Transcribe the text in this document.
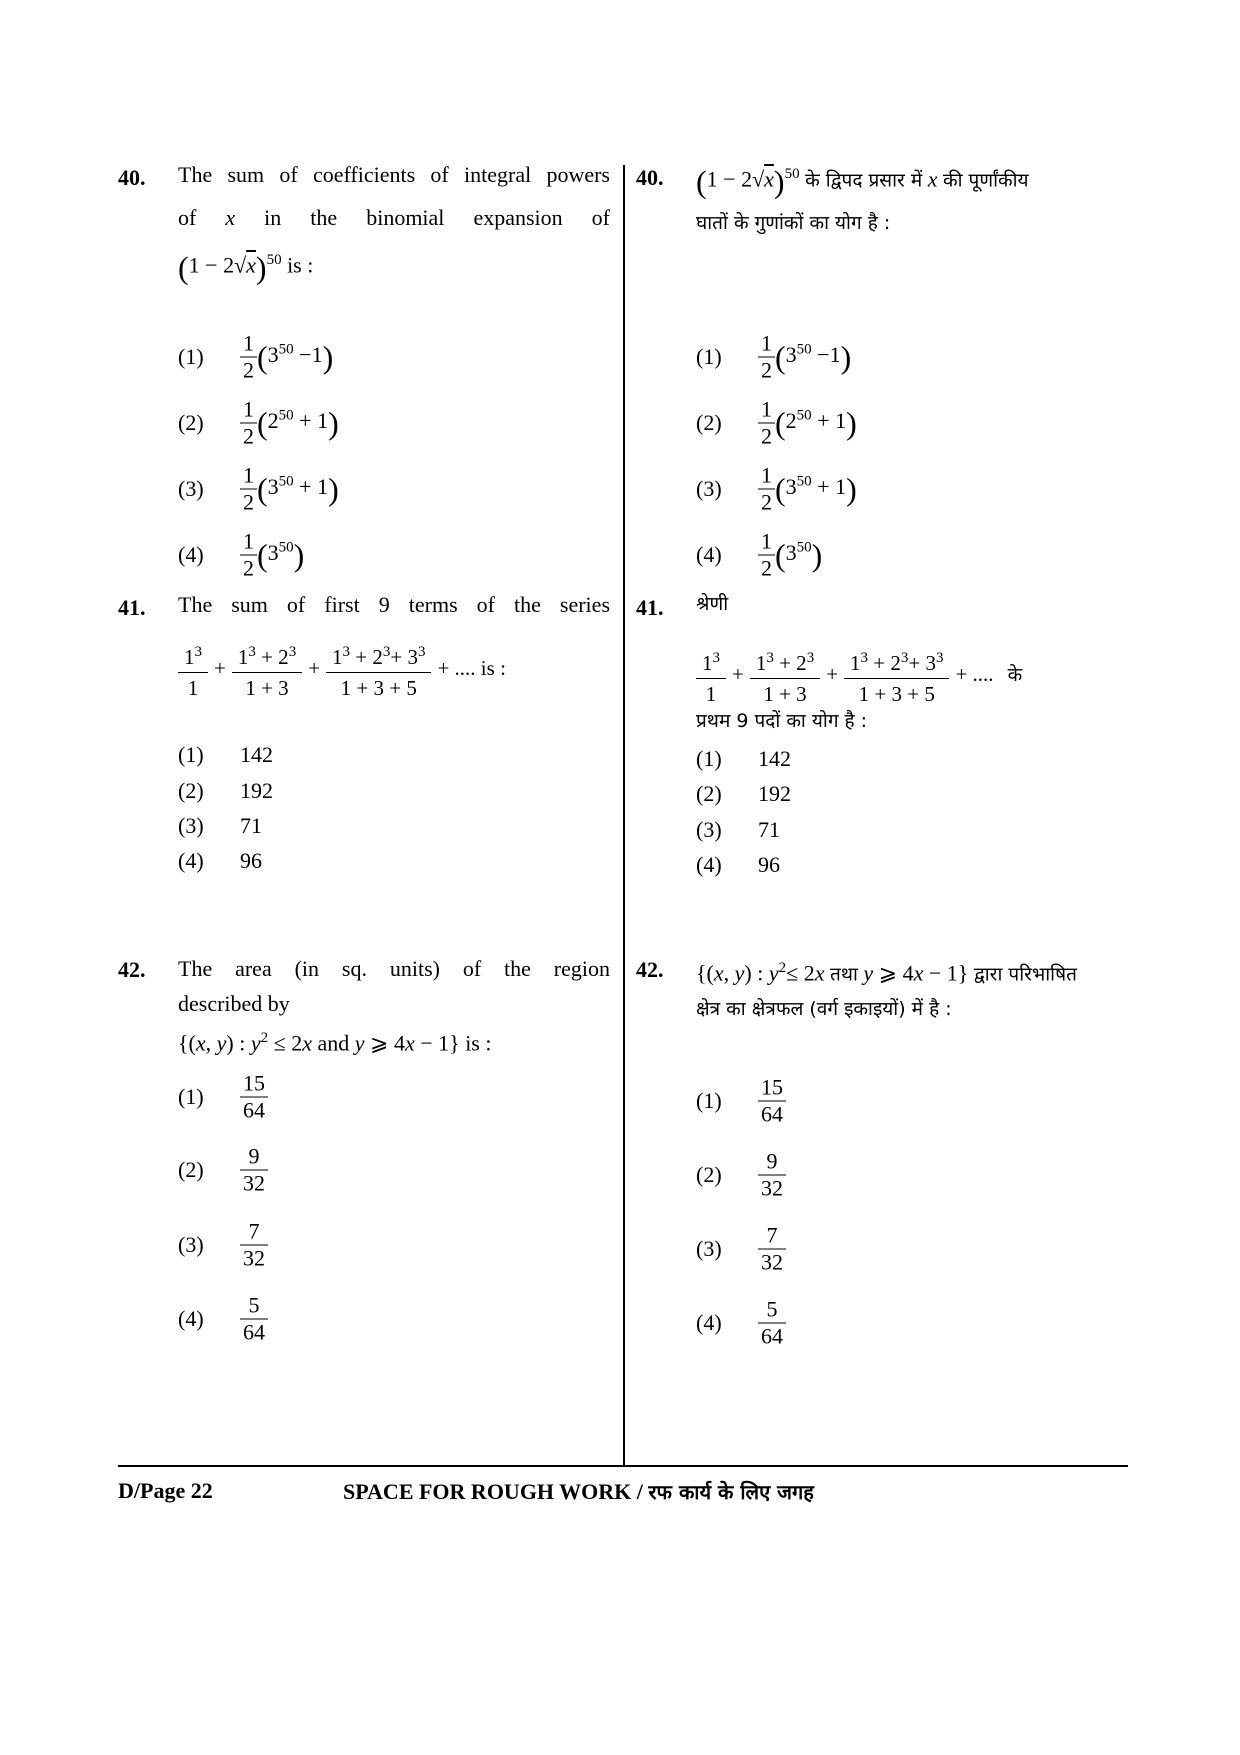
40. The sum of coefficients of integral powers
of x in the binomial expansion of
$(1 - 2√x)^{50}$ is :
$(1) \frac{1}{2} (3^{50} -1)$
$(2) \frac{1}{2} (2^{50} + 1)$
$(3) \frac{1}{2} (3^{50} + 1)$
$(4) \frac{1}{2} (3^{50})$
41. The sum of first 9 terms of the series
$\frac{1^3}{1} + \frac{1^3 + 2^3}{1 + 3} + \frac{1^3 + 2^3+ 3^3}{1 + 3 + 5}$ + .... is :
(1) 142
(2) 192
(3) 71
(4) 96
42. The area (in sq. units) of the region
described by
{(x, y) : $y^2 \le 2x$ and y ⩾ 4x − 1} is :
$(1) \frac{15}{64}$
$(2) \frac{9}{32}$
$(3) \frac{7}{32}$
$(4) \frac{5}{64}$
40. $(1 - 2√x)^{50}$ के द्विपद प्रसार में x की पूर्णांकीय
घातों के गुणांकों का योग है :
$(1) \frac{1}{2} (3^{50} -1)$
$(2) \frac{1}{2} (2^{50} + 1)$
$(3) \frac{1}{2} (3^{50} + 1)$
$(4) \frac{1}{2} (3^{50})$
41. श्रेणी
$\frac{1^3}{1} + \frac{1^3 + 2^3}{1 + 3} + \frac{1^3 + 2^3+ 3^3}{1 + 3 + 5}$ + .... के
प्रथम 9 पदों का योग है :
(1) 142
(2) 192
(3) 71
(4) 96
42. {(x, y) : $y^2\le 2x$ तथा y ⩾ 4x − 1} द्वारा परिभाषित
क्षेत्र का क्षेत्रफल (वर्ग इकाइयों) में है :
$(1) \frac{15}{64}$
$(2) \frac{9}{32}$
$(3) \frac{7}{32}$
$(4) \frac{5}{64}$
D/Page 22	SPACE FOR ROUGH WORK / रफ कार्य के लिए जगह
